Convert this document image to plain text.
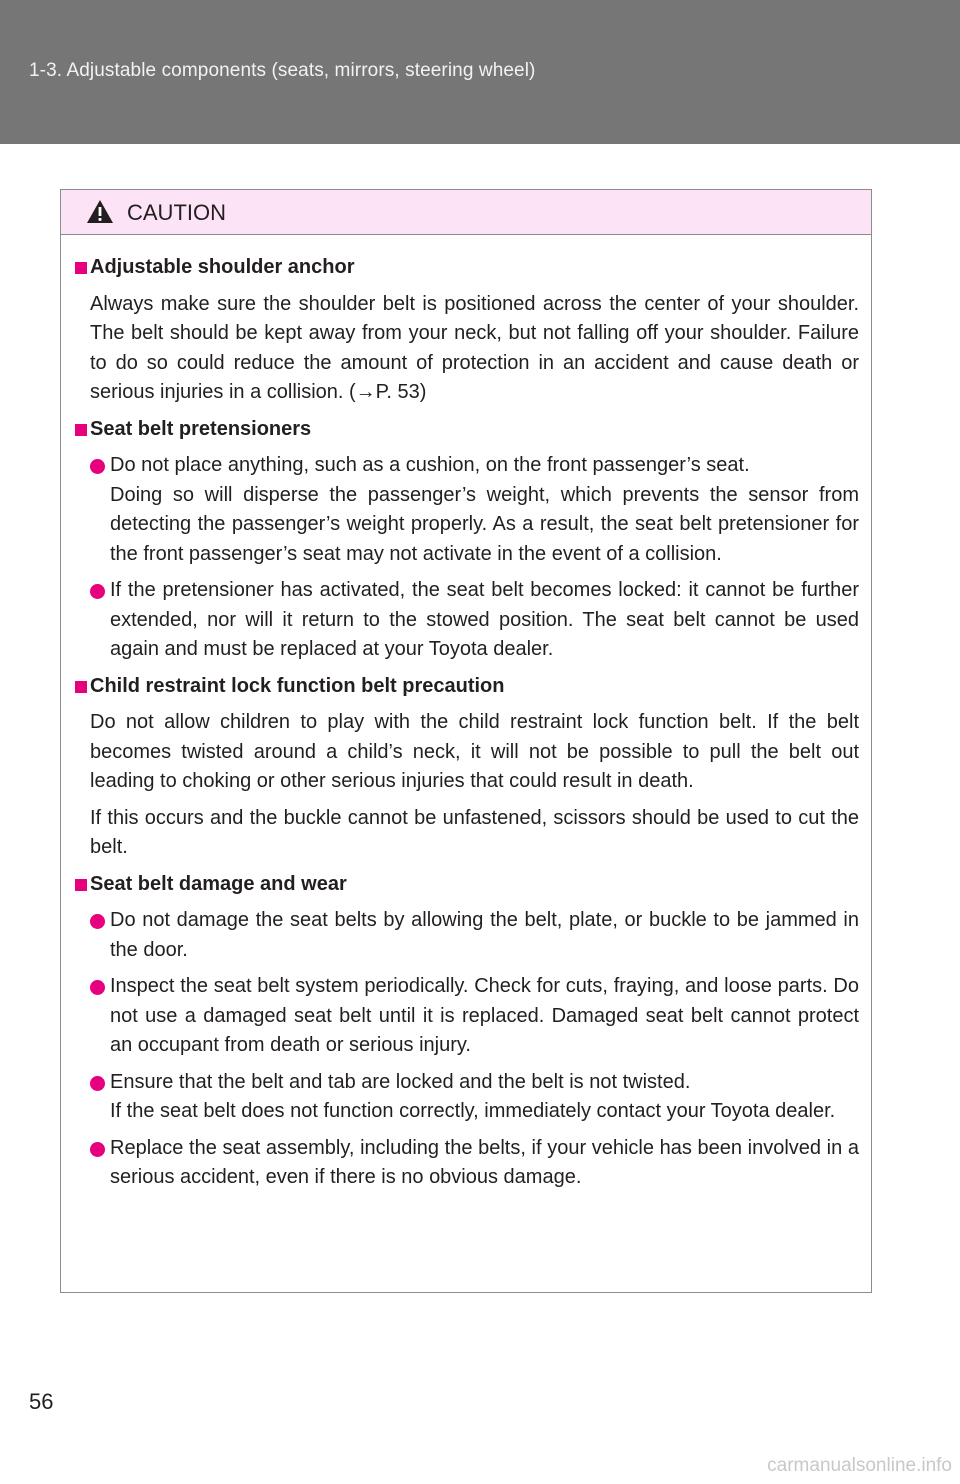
1-3. Adjustable components (seats, mirrors, steering wheel)
CAUTION
Adjustable shoulder anchor
Always make sure the shoulder belt is positioned across the center of your shoulder. The belt should be kept away from your neck, but not falling off your shoulder. Failure to do so could reduce the amount of protection in an accident and cause death or serious injuries in a collision. (→P. 53)
Seat belt pretensioners
Do not place anything, such as a cushion, on the front passenger’s seat.
Doing so will disperse the passenger’s weight, which prevents the sensor from detecting the passenger’s weight properly. As a result, the seat belt pretensioner for the front passenger’s seat may not activate in the event of a collision.
If the pretensioner has activated, the seat belt becomes locked: it cannot be further extended, nor will it return to the stowed position. The seat belt cannot be used again and must be replaced at your Toyota dealer.
Child restraint lock function belt precaution
Do not allow children to play with the child restraint lock function belt. If the belt becomes twisted around a child’s neck, it will not be possible to pull the belt out leading to choking or other serious injuries that could result in death.
If this occurs and the buckle cannot be unfastened, scissors should be used to cut the belt.
Seat belt damage and wear
Do not damage the seat belts by allowing the belt, plate, or buckle to be jammed in the door.
Inspect the seat belt system periodically. Check for cuts, fraying, and loose parts. Do not use a damaged seat belt until it is replaced. Damaged seat belt cannot protect an occupant from death or serious injury.
Ensure that the belt and tab are locked and the belt is not twisted.
If the seat belt does not function correctly, immediately contact your Toyota dealer.
Replace the seat assembly, including the belts, if your vehicle has been involved in a serious accident, even if there is no obvious damage.
56
carmanualsonline.info
